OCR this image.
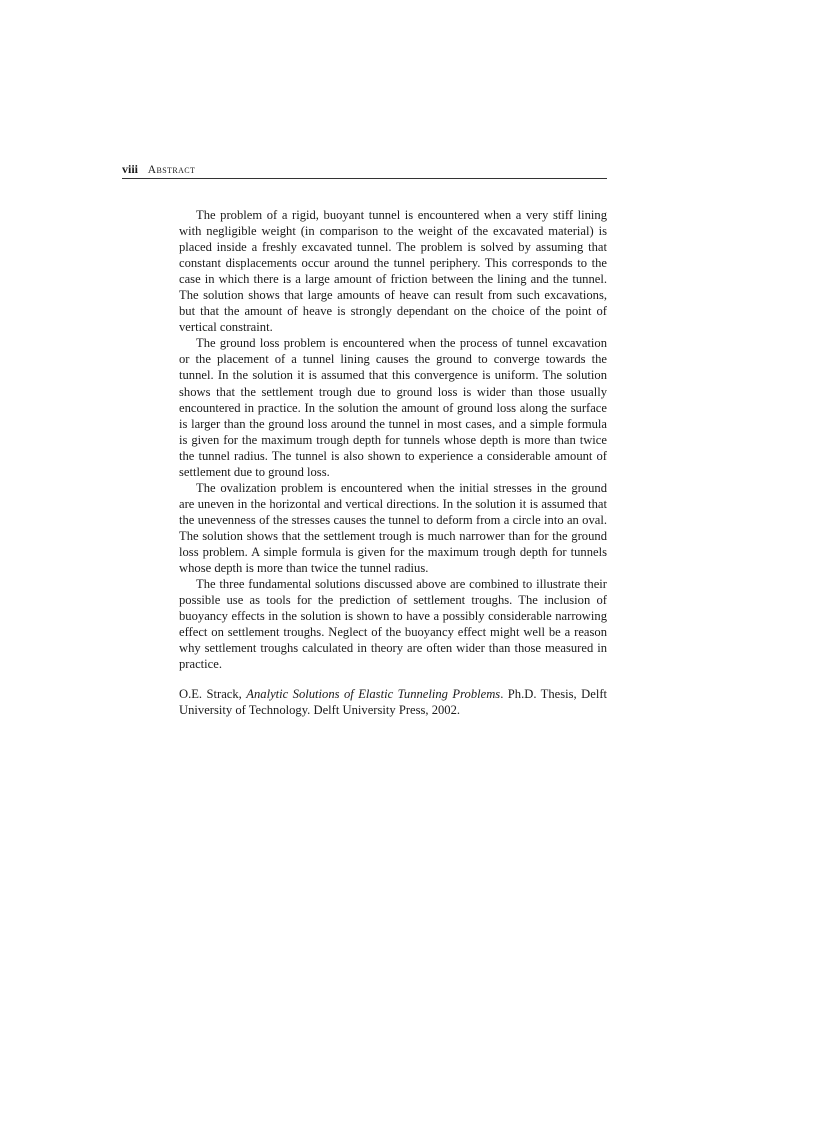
viii Abstract

The problem of a rigid, buoyant tunnel is encountered when a very stiff lining with negligible weight (in comparison to the weight of the excavated material) is placed inside a freshly excavated tunnel. The problem is solved by assuming that constant displacements occur around the tunnel periphery. This corresponds to the case in which there is a large amount of friction between the lining and the tunnel. The solution shows that large amounts of heave can result from such excavations, but that the amount of heave is strongly dependant on the choice of the point of vertical constraint.

The ground loss problem is encountered when the process of tunnel excavation or the placement of a tunnel lining causes the ground to converge towards the tunnel. In the solution it is assumed that this convergence is uniform. The solution shows that the settlement trough due to ground loss is wider than those usually encountered in practice. In the solution the amount of ground loss along the surface is larger than the ground loss around the tunnel in most cases, and a simple formula is given for the maximum trough depth for tunnels whose depth is more than twice the tunnel radius. The tunnel is also shown to experience a considerable amount of settlement due to ground loss.

The ovalization problem is encountered when the initial stresses in the ground are uneven in the horizontal and vertical directions. In the solution it is assumed that the unevenness of the stresses causes the tunnel to deform from a circle into an oval. The solution shows that the settlement trough is much narrower than for the ground loss problem. A simple formula is given for the maximum trough depth for tunnels whose depth is more than twice the tunnel radius.

The three fundamental solutions discussed above are combined to illustrate their possible use as tools for the prediction of settlement troughs. The inclusion of buoyancy effects in the solution is shown to have a possibly considerable narrowing effect on settlement troughs. Neglect of the buoyancy effect might well be a reason why settlement troughs calculated in theory are often wider than those measured in practice.

O.E. Strack, Analytic Solutions of Elastic Tunneling Problems. Ph.D. Thesis, Delft University of Technology. Delft University Press, 2002.
